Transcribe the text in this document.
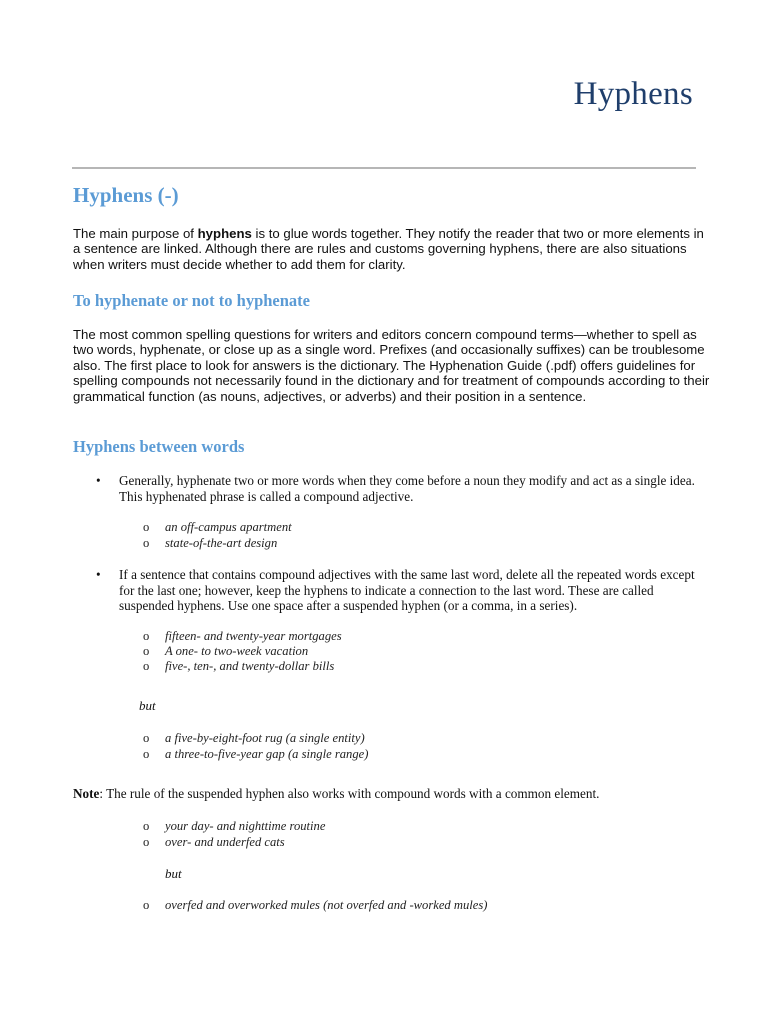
Hyphens
Hyphens (-)
The main purpose of hyphens is to glue words together. They notify the reader that two or more elements in a sentence are linked. Although there are rules and customs governing hyphens, there are also situations when writers must decide whether to add them for clarity.
To hyphenate or not to hyphenate
The most common spelling questions for writers and editors concern compound terms—whether to spell as two words, hyphenate, or close up as a single word. Prefixes (and occasionally suffixes) can be troublesome also. The first place to look for answers is the dictionary. The Hyphenation Guide (.pdf) offers guidelines for spelling compounds not necessarily found in the dictionary and for treatment of compounds according to their grammatical function (as nouns, adjectives, or adverbs) and their position in a sentence.
Hyphens between words
•	Generally, hyphenate two or more words when they come before a noun they modify and act as a single idea. This hyphenated phrase is called a compound adjective.
o an off-campus apartment
o state-of-the-art design
•	If a sentence that contains compound adjectives with the same last word, delete all the repeated words except for the last one; however, keep the hyphens to indicate a connection to the last word. These are called suspended hyphens. Use one space after a suspended hyphen (or a comma, in a series).
o fifteen- and twenty-year mortgages
o A one- to two-week vacation
o five-, ten-, and twenty-dollar bills
but
o a five-by-eight-foot rug (a single entity)
o a three-to-five-year gap (a single range)
Note: The rule of the suspended hyphen also works with compound words with a common element.
o your day- and nighttime routine
o over- and underfed cats
but
o overfed and overworked mules (not overfed and -worked mules)
